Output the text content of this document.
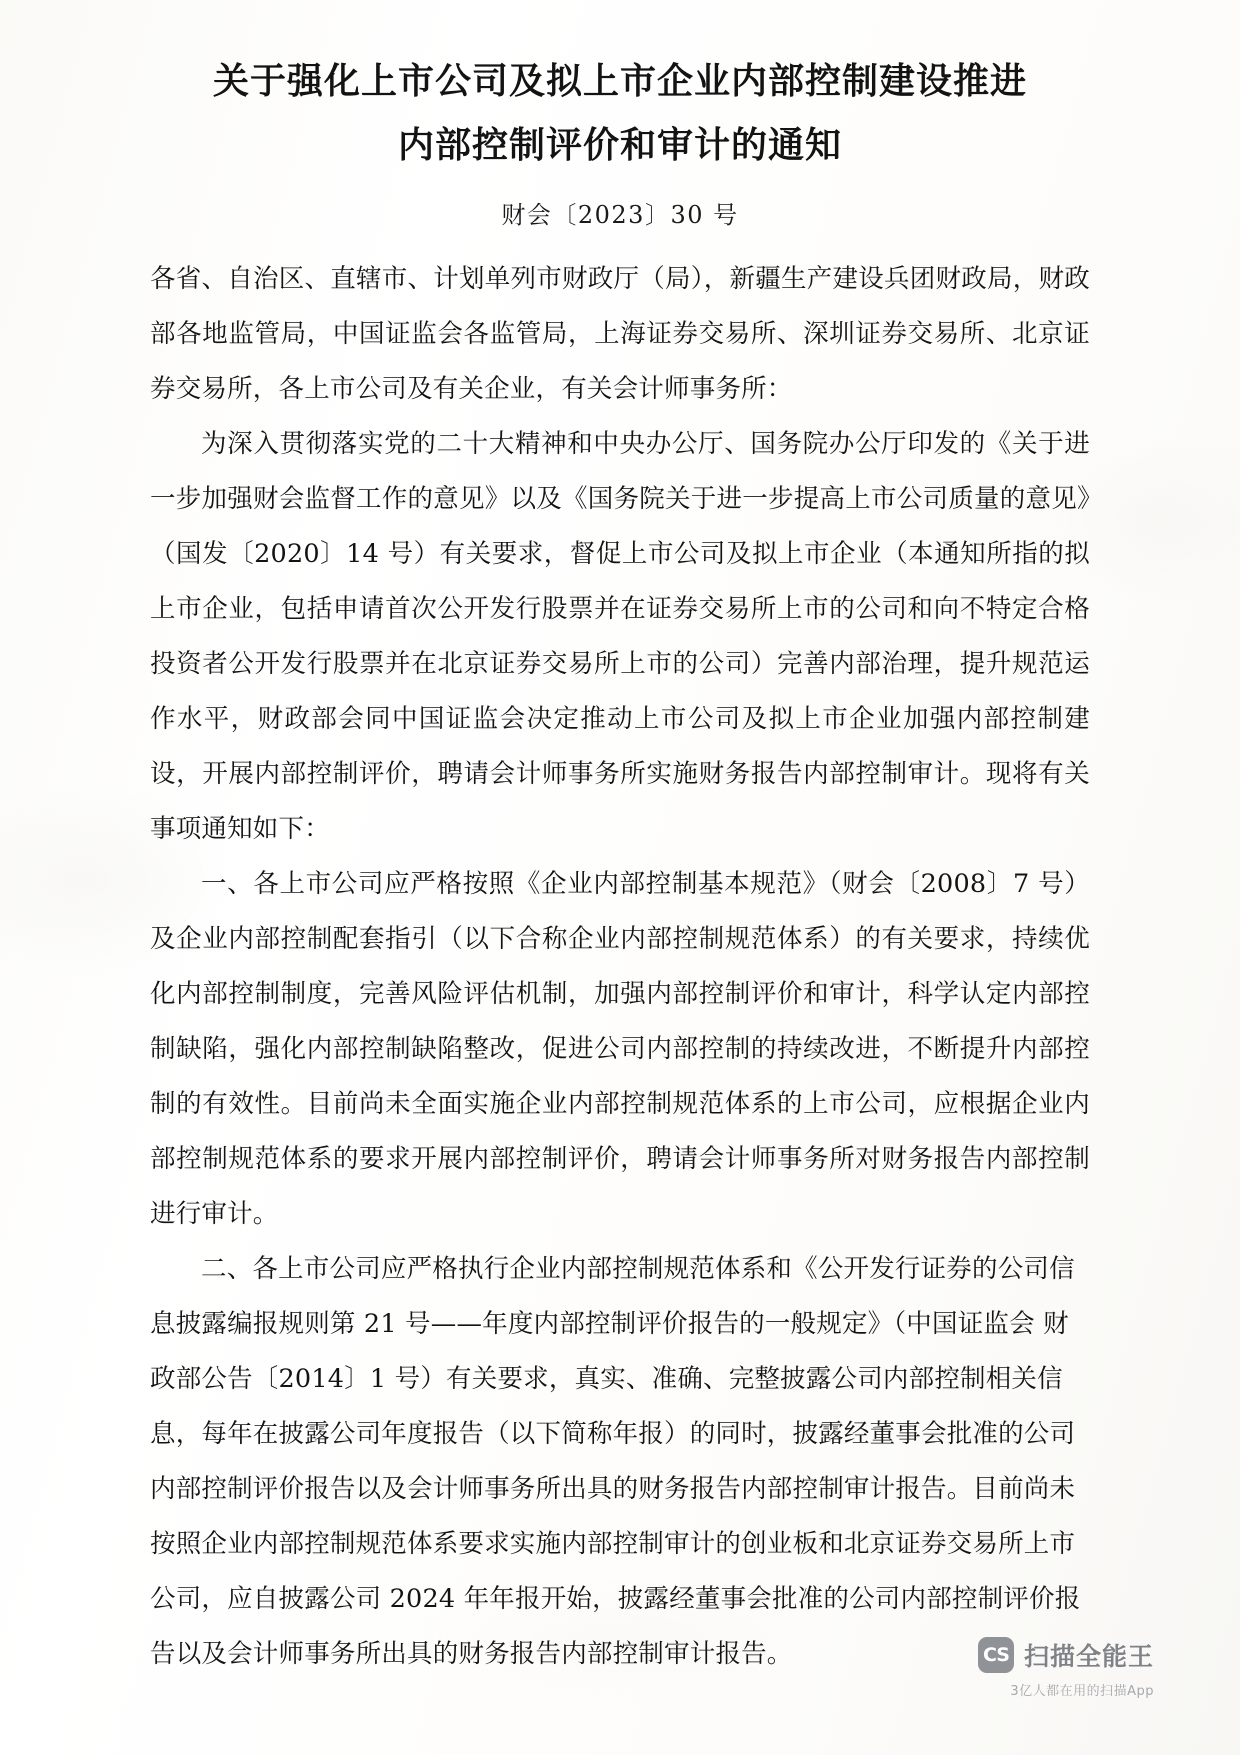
关于强化上市公司及拟上市企业内部控制建设推进
内部控制评价和审计的通知
财会〔2023〕30 号

各省、自治区、直辖市、计划单列市财政厅（局），新疆生产建设兵团财政局，财政部各地监管局，中国证监会各监管局，上海证券交易所、深圳证券交易所、北京证券交易所，各上市公司及有关企业，有关会计师事务所：

为深入贯彻落实党的二十大精神和中央办公厅、国务院办公厅印发的《关于进一步加强财会监督工作的意见》以及《国务院关于进一步提高上市公司质量的意见》（国发〔2020〕14 号）有关要求，督促上市公司及拟上市企业（本通知所指的拟上市企业，包括申请首次公开发行股票并在证券交易所上市的公司和向不特定合格投资者公开发行股票并在北京证券交易所上市的公司）完善内部治理，提升规范运作水平，财政部会同中国证监会决定推动上市公司及拟上市企业加强内部控制建设，开展内部控制评价，聘请会计师事务所实施财务报告内部控制审计。现将有关事项通知如下：

一、各上市公司应严格按照《企业内部控制基本规范》（财会〔2008〕7 号）及企业内部控制配套指引（以下合称企业内部控制规范体系）的有关要求，持续优化内部控制制度，完善风险评估机制，加强内部控制评价和审计，科学认定内部控制缺陷，强化内部控制缺陷整改，促进公司内部控制的持续改进，不断提升内部控制的有效性。目前尚未全面实施企业内部控制规范体系的上市公司，应根据企业内部控制规范体系的要求开展内部控制评价，聘请会计师事务所对财务报告内部控制进行审计。

二、各上市公司应严格执行企业内部控制规范体系和《公开发行证券的公司信息披露编报规则第 21 号——年度内部控制评价报告的一般规定》（中国证监会 财政部公告〔2014〕1 号）有关要求，真实、准确、完整披露公司内部控制相关信息，每年在披露公司年度报告（以下简称年报）的同时，披露经董事会批准的公司内部控制评价报告以及会计师事务所出具的财务报告内部控制审计报告。目前尚未按照企业内部控制规范体系要求实施内部控制审计的创业板和北京证券交易所上市公司，应自披露公司 2024 年年报开始，披露经董事会批准的公司内部控制评价报告以及会计师事务所出具的财务报告内部控制审计报告。	CS 扫描全能王
3亿人都在用的扫描App
